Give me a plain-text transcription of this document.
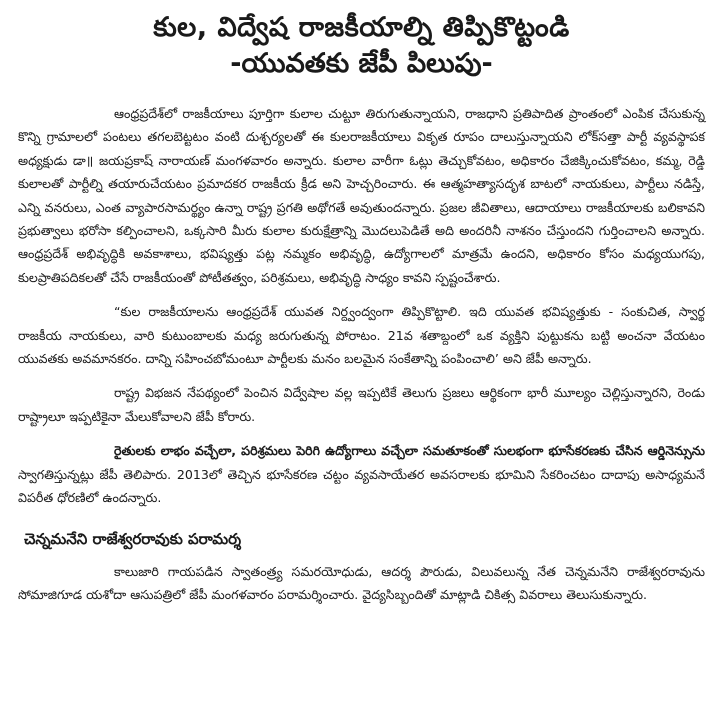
కుల, విద్వేష రాజకీయాల్ని తిప్పికొట్టండి
-యువతకు జేపీ పిలుపు-

ఆంధ్రప్రదేశ్‌లో రాజకీయాలు పూర్తిగా కులాల చుట్టూ తిరుగుతున్నాయని, రాజధాని ప్రతిపాదిత ప్రాంతంలో ఎంపిక చేసుకున్న కొన్ని గ్రామాలలో పంటలు తగలబెట్టటం వంటి దుశ్చర్యలతో ఈ కులరాజకీయాలు వికృత రూపం దాలుస్తున్నాయని లోక్‌సత్తా పార్టీ వ్యవస్థాపక అధ్యక్షుడు డా॥ జయప్రకాష్ నారాయణ్ మంగళవారం అన్నారు. కులాల వారీగా ఓట్లు తెచ్చుకోవటం, అధికారం చేజిక్కించుకోవటం, కమ్మ, రెడ్డి కులాలతో పార్టీల్ని తయారుచేయటం ప్రమాదకర రాజకీయ క్రీడ అని హెచ్చరించారు. ఈ ఆత్మహత్యాసదృశ బాటలో నాయకులు, పార్టీలు నడిస్తే, ఎన్ని వనరులు, ఎంత వ్యాపారసామర్థ్యం ఉన్నా రాష్ట్ర ప్రగతి అథోగతే అవుతుందన్నారు. ప్రజల జీవితాలు, ఆదాయాలు రాజకీయాలకు బలికావని ప్రభుత్వాలు భరోసా కల్పించాలని, ఒక్కసారి మీరు కులాల కురుక్షేత్రాన్ని మొదలుపెడితే అది అందరినీ నాశనం చేస్తుందని గుర్తించాలని అన్నారు. ఆంధ్రప్రదేశ్ అభివృద్ధికి అవకాశాలు, భవిష్యత్తు పట్ల నమ్మకం అభివృద్ధి, ఉద్యోగాలలో మాత్రమే ఉందని, అధికారం కోసం మధ్యయుగపు, కులప్రాతిపదికలతో చేసే రాజకీయంతో పోటీతత్వం, పరిశ్రమలు, అభివృద్ధి సాధ్యం కావని స్పష్టంచేశారు.

“కుల రాజకీయాలను ఆంధ్రప్రదేశ్ యువత నిర్ద్వంద్వంగా తిప్పికొట్టాలి. ఇది యువత భవిష్యత్తుకు - సంకుచిత, స్వార్థ రాజకీయ నాయకులు, వారి కుటుంబాలకు మధ్య జరుగుతున్న పోరాటం. 21వ శతాబ్దంలో ఒక వ్యక్తిని పుట్టుకను బట్టి అంచనా వేయటం యువతకు అవమానకరం. దాన్ని సహించబోమంటూ పార్టీలకు మనం బలమైన సంకేతాన్ని పంపించాలి’ అని జేపీ అన్నారు.

రాష్ట్ర విభజన నేపథ్యంలో పెంచిన విద్వేషాల వల్ల ఇప్పటికే తెలుగు ప్రజలు ఆర్థికంగా భారీ మూల్యం చెల్లిస్తున్నారని, రెండు రాష్ట్రాలూ ఇప్పటికైనా మేలుకోవాలని జేపీ కోరారు.

రైతులకు లాభం వచ్చేలా, పరిశ్రమలు పెరిగి ఉద్యోగాలు వచ్చేలా సమతూకంతో సులభంగా భూసేకరణకు చేసిన ఆర్డినెన్సును స్వాగతిస్తున్నట్లు జేపీ తెలిపారు. 2013లో తెచ్చిన భూసేకరణ చట్టం వ్యవసాయేతర అవసరాలకు భూమిని సేకరించటం దాదాపు అసాధ్యమనే విపరీత ధోరణిలో ఉందన్నారు.

చెన్నమనేని రాజేశ్వరరావుకు పరామర్శ

కాలుజారి గాయపడిన స్వాతంత్ర్య సమరయోధుడు, ఆదర్శ పౌరుడు, విలువలున్న నేత చెన్నమనేని రాజేశ్వరరావును సోమాజిగూడ యశోదా ఆసుపత్రిలో జేపీ మంగళవారం పరామర్శించారు. వైద్యసిబ్బందితో మాట్లాడి చికిత్స వివరాలు తెలుసుకున్నారు.
